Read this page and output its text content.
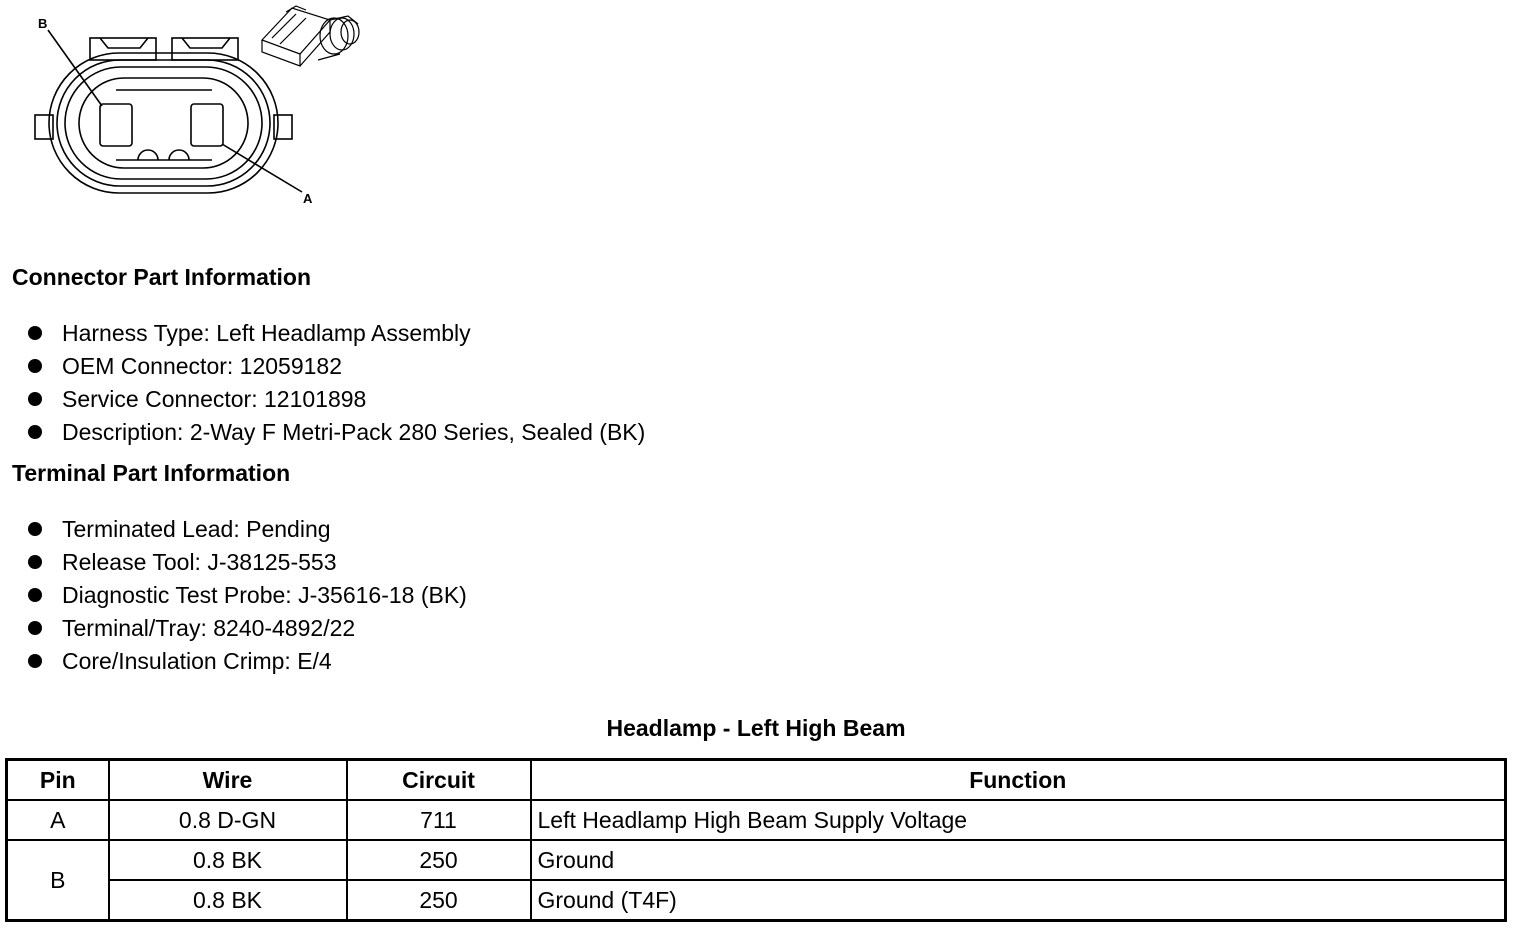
B
A
Connector Part Information
Harness Type: Left Headlamp Assembly
OEM Connector: 12059182
Service Connector: 12101898
Description: 2-Way F Metri-Pack 280 Series, Sealed (BK)
Terminal Part Information
Terminated Lead: Pending
Release Tool: J-38125-553
Diagnostic Test Probe: J-35616-18 (BK)
Terminal/Tray: 8240-4892/22
Core/Insulation Crimp: E/4
Headlamp - Left High Beam
Pin	Wire	Circuit	Function
A	0.8 D-GN	711	Left Headlamp High Beam Supply Voltage
B	0.8 BK	250	Ground
	0.8 BK	250	Ground (T4F)
